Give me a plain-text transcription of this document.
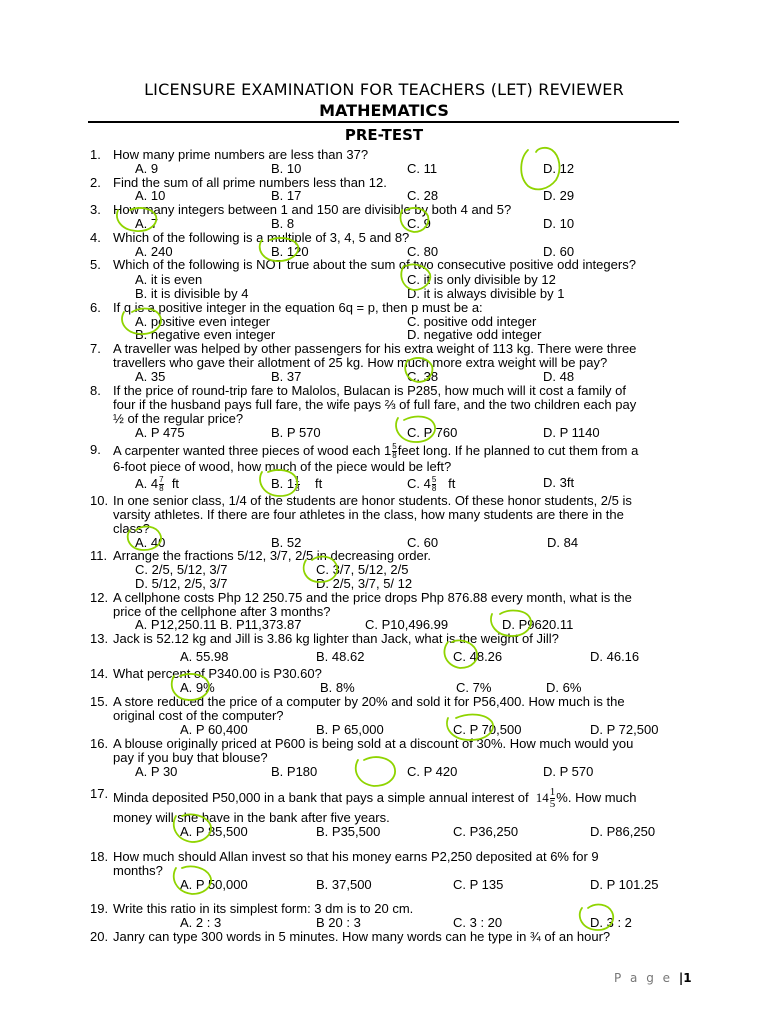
LICENSURE EXAMINATION FOR TEACHERS (LET) REVIEWER
MATHEMATICS
PRE-TEST
1. How many prime numbers are less than 37?
A. 9	B. 10	C. 11	D. 12
2. Find the sum of all prime numbers less than 12.
A. 10	B. 17	C. 28	D. 29
3. How many integers between 1 and 150 are divisible by both 4 and 5?
A. 7	B. 8	C. 9	D. 10
4. Which of the following is a multiple of 3, 4, 5 and 8?
A. 240	B. 120	C. 80	D. 60
5. Which of the following is NOT true about the sum of two consecutive positive odd integers?
A. it is even	C. it is only divisible by 12
B. it is divisible by 4	D. it is always divisible by 1
6. If q is a positive integer in the equation 6q = p, then p must be a:
A. positive even integer	C. positive odd integer
B. negative even integer	D. negative odd integer
7. A traveller was helped by other passengers for his extra weight of 113 kg. There were three
travellers who gave their allotment of 25 kg. How much more extra weight will be pay?
A. 35	B. 37	C. 38	D. 48
8. If the price of round-trip fare to Malolos, Bulacan is P285, how much will it cost a family of
four if the husband pays full fare, the wife pays ⅔ of full fare, and the two children each pay
½ of the regular price?
A. P 475	B. P 570	C. P 760	D. P 1140
9. A carpenter wanted three pieces of wood each $1 \frac{5}{8}$ feet long. If he planned to cut them from a
6-foot piece of wood, how much of the piece would be left?
A. $4 \frac{7}{8}$ ft	B. $1 \frac{1}{8}$ ft	C. $4 \frac{5}{8}$ ft	D. 3ft
10. In one senior class, 1/4 of the students are honor students. Of these honor students, 2/5 is
varsity athletes. If there are four athletes in the class, how many students are there in the
class?
A. 40	B. 52	C. 60	D. 84
11. Arrange the fractions 5/12, 3/7, 2/5 in decreasing order.
C. 2/5, 5/12, 3/7	C. 3/7, 5/12, 2/5
D. 5/12, 2/5, 3/7	D. 2/5, 3/7, 5/ 12
12. A cellphone costs Php 12 250.75 and the price drops Php 876.88 every month, what is the
price of the cellphone after 3 months?
A. P12,250.11 B. P11,373.87	C. P10,496.99	D. P9620.11
13. Jack is 52.12 kg and Jill is 3.86 kg lighter than Jack, what is the weight of Jill?
A. 55.98	B. 48.62	C. 48.26	D. 46.16
14. What percent of P340.00 is P30.60?
A. 9%	B. 8%	C. 7%	D. 6%
15. A store reduced the price of a computer by 20% and sold it for P56,400. How much is the
original cost of the computer?
A. P 60,400	B. P 65,000	C. P 70,500	D. P 72,500
16. A blouse originally priced at P600 is being sold at a discount of 30%. How much would you
pay if you buy that blouse?
A. P 30	B. P180	C. P 420	D. P 570
17. Minda deposited P50,000 in a bank that pays a simple annual interest of $14 \frac{1}{5}$ %. How much
money will she have in the bank after five years.
A. P 85,500	B. P35,500	C. P36,250	D. P86,250
18. How much should Allan invest so that his money earns P2,250 deposited at 6% for 9
months?
A. P 50,000	B. 37,500	C. P 135	D. P 101.25
19. Write this ratio in its simplest form: 3 dm is to 20 cm.
A. 2 : 3	B 20 : 3	C. 3 : 20	D. 3 : 2
20. Janry can type 300 words in 5 minutes. How many words can he type in ¾ of an hour?
P a g e |1
